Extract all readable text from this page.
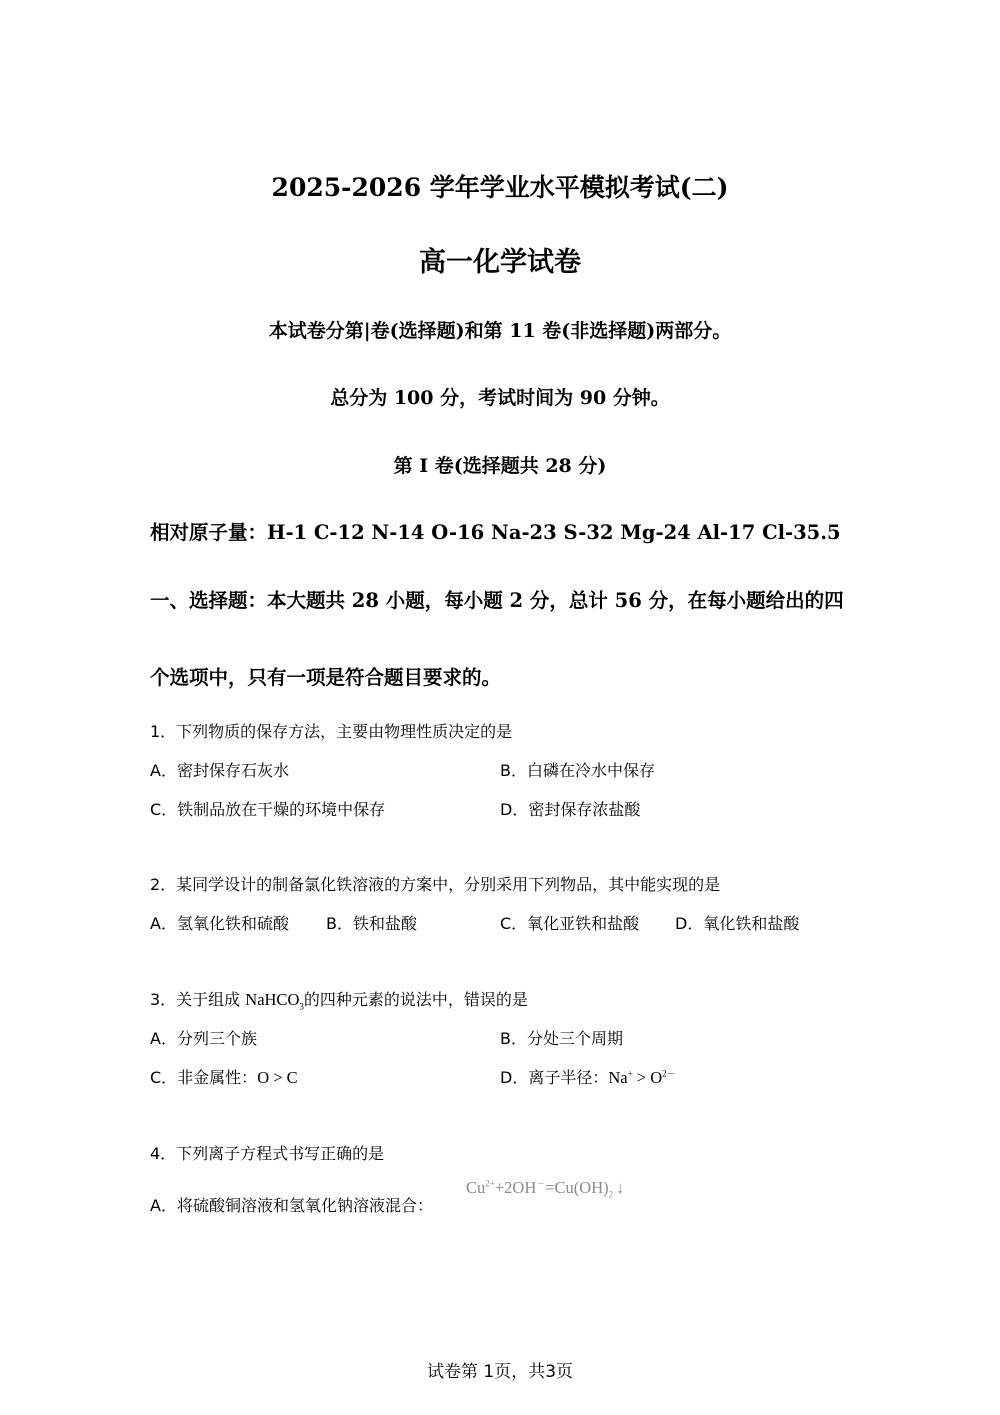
2025-2026 学年学业水平模拟考试(二)
高一化学试卷
本试卷分第|卷(选择题)和第 11 卷(非选择题)两部分。
总分为 100 分，考试时间为 90 分钟。
第 I 卷(选择题共 28 分)
相对原子量：H-1 C-12 N-14 O-16 Na-23 S-32 Mg-24 Al-17 Cl-35.5
一、选择题：本大题共 28 小题，每小题 2 分，总计 56 分，在每小题给出的四
个选项中，只有一项是符合题目要求的。
1．下列物质的保存方法，主要由物理性质决定的是
A．密封保存石灰水	B．白磷在冷水中保存
C．铁制品放在干燥的环境中保存	D．密封保存浓盐酸
2．某同学设计的制备氯化铁溶液的方案中，分别采用下列物品，其中能实现的是
A．氢氧化铁和硫酸 B．铁和盐酸	C．氧化亚铁和盐酸 D．氧化铁和盐酸
3．关于组成 NaHCO$_3$的四种元素的说法中，错误的是
A．分列三个族	B．分处三个周期
C．非金属性：O > C	D．离子半径：$Na^+ > O^{2-}$
4．下列离子方程式书写正确的是
A．将硫酸铜溶液和氢氧化钠溶液混合：
$Cu^{2+}+2OH^-=Cu(OH)_2$ ↓
试卷第 1页，共3页
